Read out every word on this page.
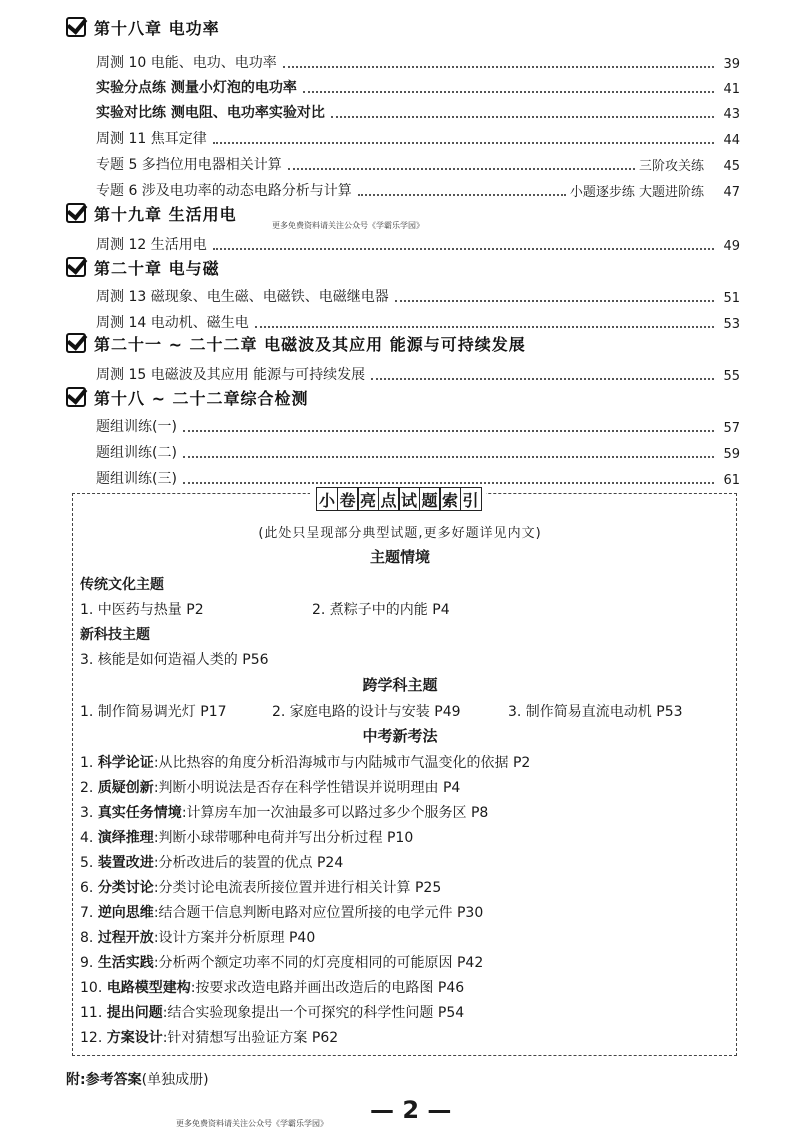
第十八章 电功率
周测 10 电能、电功、电功率	39
实验分点练 测量小灯泡的电功率	41
实验对比练 测电阻、电功率实验对比	43
周测 11 焦耳定律	44
专题 5 多挡位用电器相关计算	三阶攻关练	45
专题 6 涉及电功率的动态电路分析与计算	小题逐步练 大题进阶练	47
第十九章 生活用电
更多免费资料请关注公众号《学霸乐学园》
周测 12 生活用电	49
第二十章 电与磁
周测 13 磁现象、电生磁、电磁铁、电磁继电器	51
周测 14 电动机、磁生电	53
第二十一 ~ 二十二章 电磁波及其应用 能源与可持续发展
周测 15 电磁波及其应用 能源与可持续发展	55
第十八 ~ 二十二章综合检测
题组训练(一)	57
题组训练(二)	59
题组训练(三)	61
小 卷 亮 点 试 题 索 引
(此处只呈现部分典型试题,更多好题详见内文)
主题情境
传统文化主题
1. 中医药与热量 P2	2. 煮粽子中的内能 P4
新科技主题
3. 核能是如何造福人类的 P56
跨学科主题
1. 制作简易调光灯 P17	2. 家庭电路的设计与安装 P49	3. 制作简易直流电动机 P53
中考新考法
1. 科学论证:从比热容的角度分析沿海城市与内陆城市气温变化的依据 P2
2. 质疑创新:判断小明说法是否存在科学性错误并说明理由 P4
3. 真实任务情境:计算房车加一次油最多可以路过多少个服务区 P8
4. 演绎推理:判断小球带哪种电荷并写出分析过程 P10
5. 装置改进:分析改进后的装置的优点 P24
6. 分类讨论:分类讨论电流表所接位置并进行相关计算 P25
7. 逆向思维:结合题干信息判断电路对应位置所接的电学元件 P30
8. 过程开放:设计方案并分析原理 P40
9. 生活实践:分析两个额定功率不同的灯亮度相同的可能原因 P42
10. 电路模型建构:按要求改造电路并画出改造后的电路图 P46
11. 提出问题:结合实验现象提出一个可探究的科学性问题 P54
12. 方案设计:针对猜想写出验证方案 P62
附:参考答案(单独成册)
更多免费资料请关注公众号《学霸乐学园》 — 2 —
